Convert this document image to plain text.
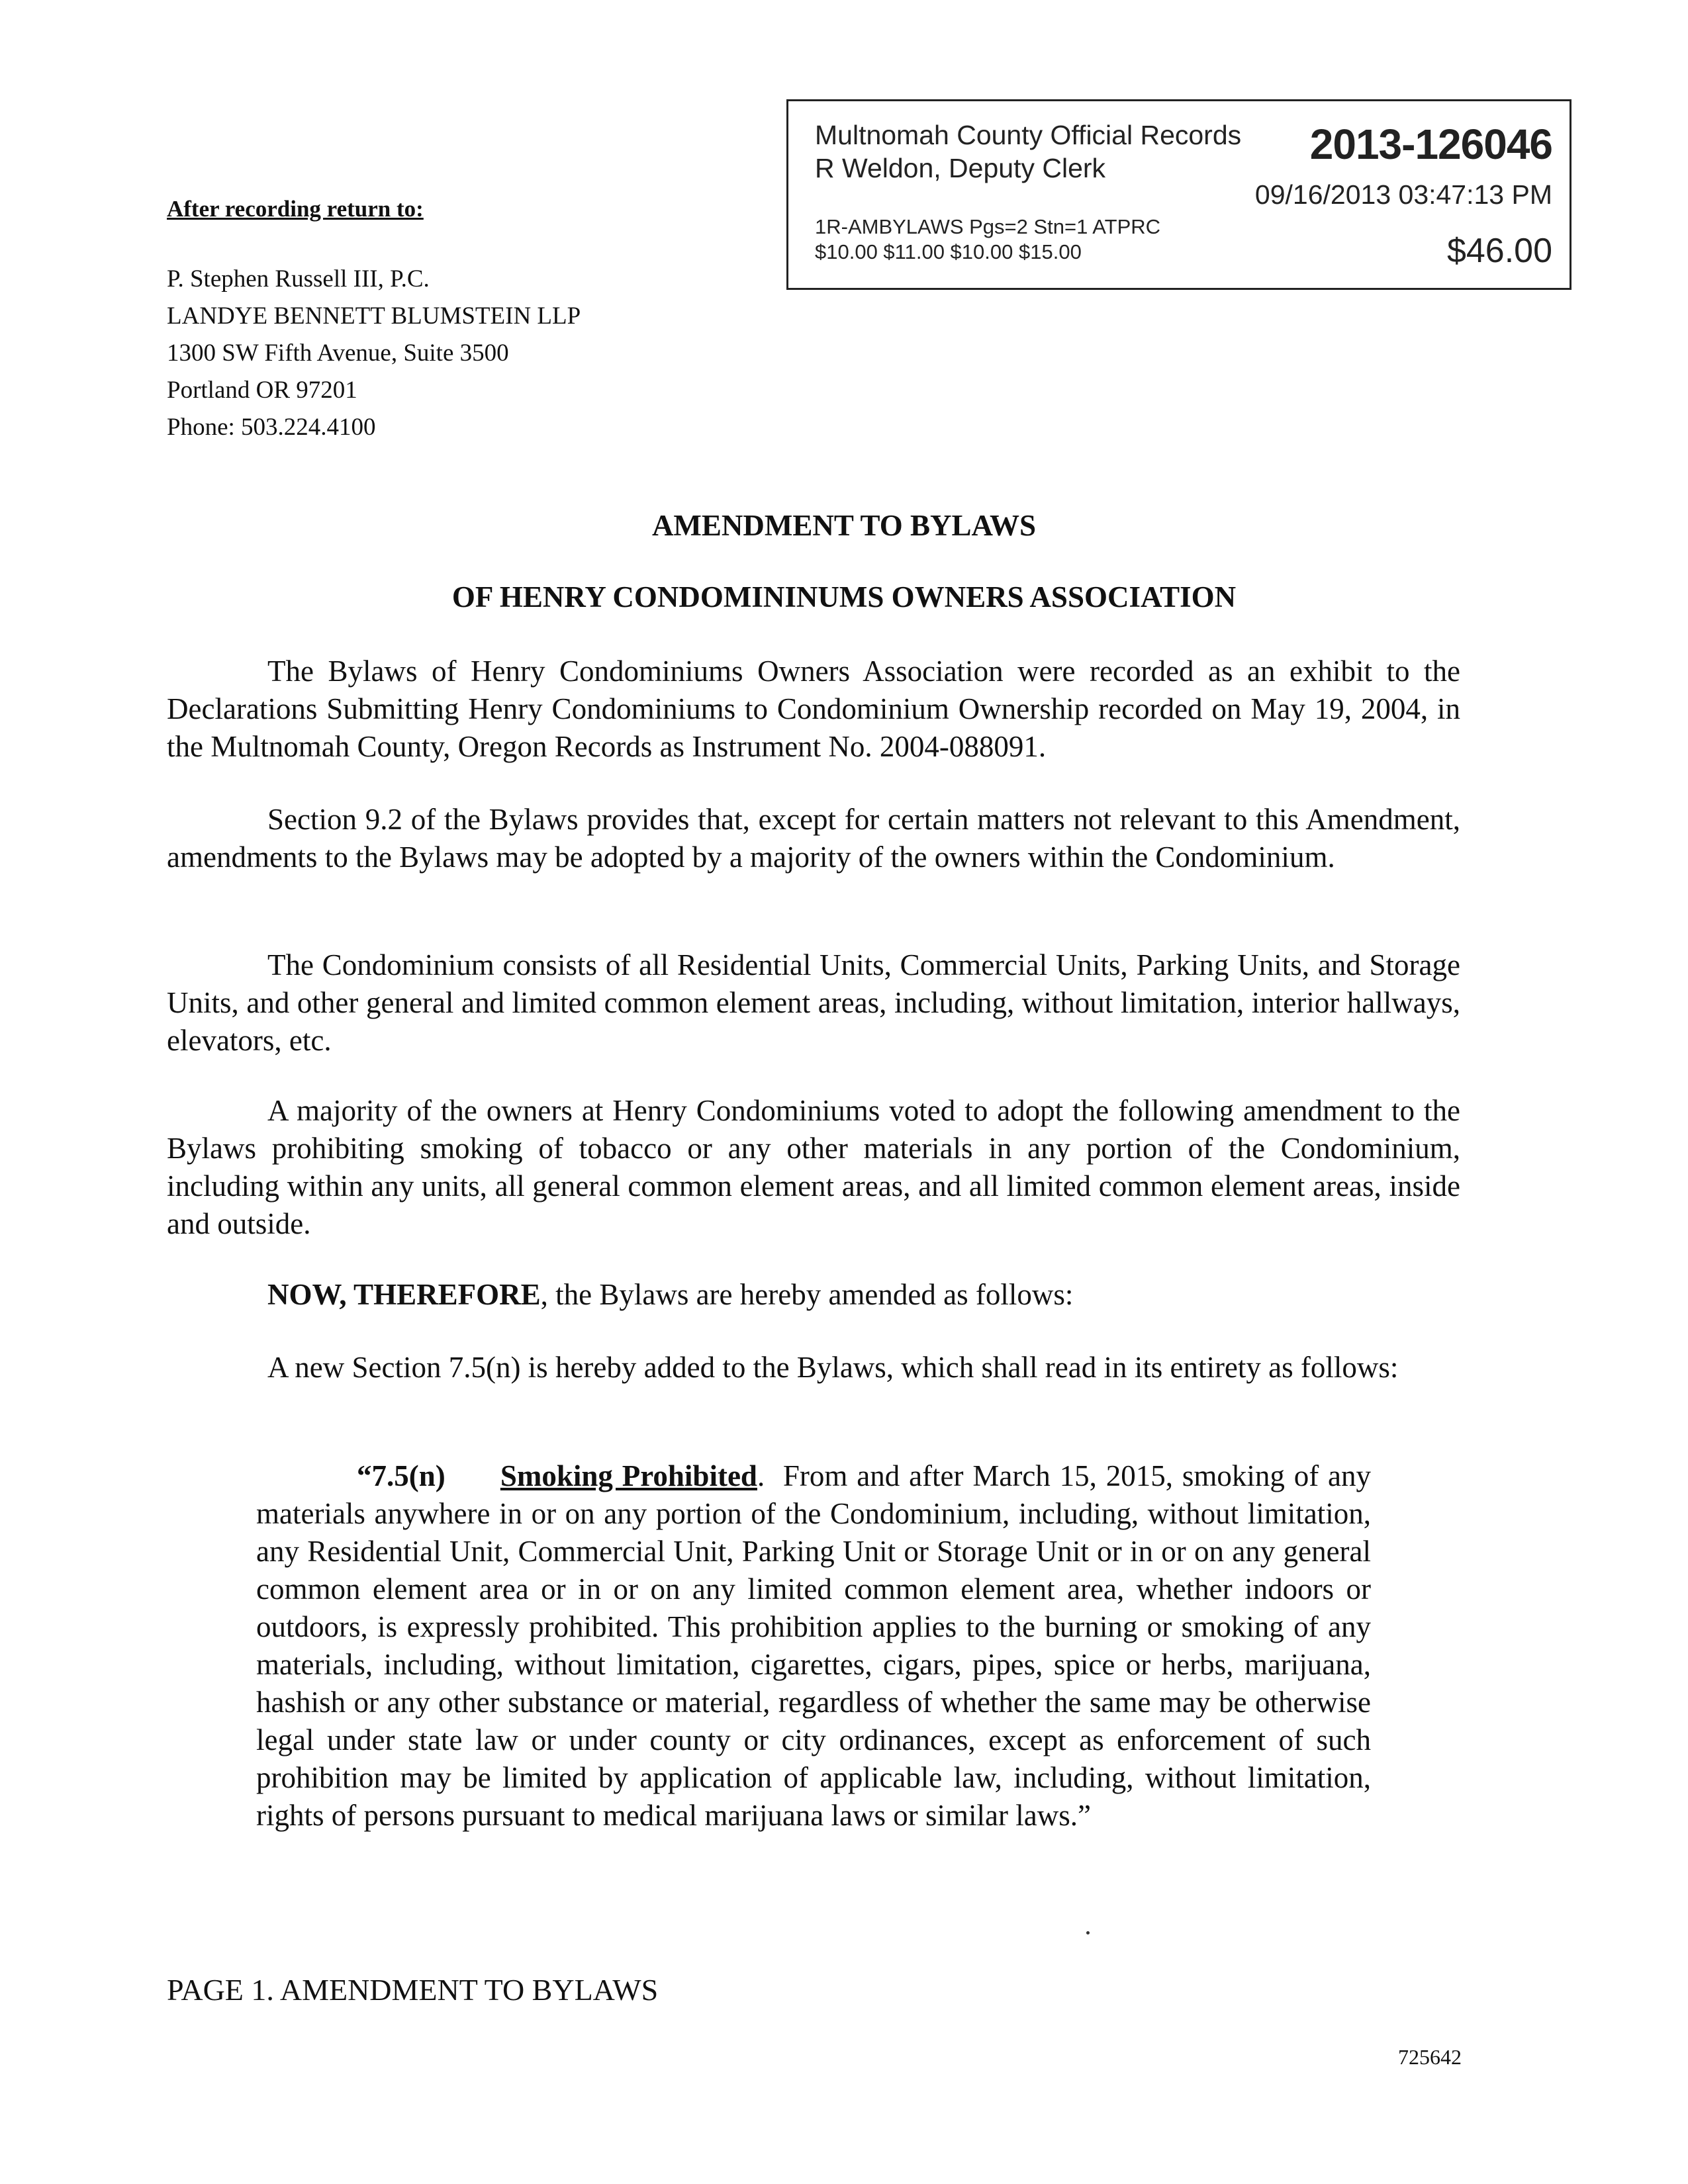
Multnomah County Official Records
R Weldon, Deputy Clerk	2013-126046
09/16/2013 03:47:13 PM
1R-AMBYLAWS Pgs=2 Stn=1 ATPRC
$10.00 $11.00 $10.00 $15.00	$46.00
After recording return to:
P. Stephen Russell III, P.C.
LANDYE BENNETT BLUMSTEIN LLP
1300 SW Fifth Avenue, Suite 3500
Portland OR 97201
Phone: 503.224.4100
AMENDMENT TO BYLAWS
OF HENRY CONDOMININUMS OWNERS ASSOCIATION
The Bylaws of Henry Condominiums Owners Association were recorded as an exhibit to the Declarations Submitting Henry Condominiums to Condominium Ownership recorded on May 19, 2004, in the Multnomah County, Oregon Records as Instrument No. 2004-088091.
Section 9.2 of the Bylaws provides that, except for certain matters not relevant to this Amendment, amendments to the Bylaws may be adopted by a majority of the owners within the Condominium.
The Condominium consists of all Residential Units, Commercial Units, Parking Units, and Storage Units, and other general and limited common element areas, including, without limitation, interior hallways, elevators, etc.
A majority of the owners at Henry Condominiums voted to adopt the following amendment to the Bylaws prohibiting smoking of tobacco or any other materials in any portion of the Condominium, including within any units, all general common element areas, and all limited common element areas, inside and outside.
NOW, THEREFORE, the Bylaws are hereby amended as follows:
A new Section 7.5(n) is hereby added to the Bylaws, which shall read in its entirety as follows:
“7.5(n) Smoking Prohibited. From and after March 15, 2015, smoking of any materials anywhere in or on any portion of the Condominium, including, without limitation, any Residential Unit, Commercial Unit, Parking Unit or Storage Unit or in or on any general common element area or in or on any limited common element area, whether indoors or outdoors, is expressly prohibited. This prohibition applies to the burning or smoking of any materials, including, without limitation, cigarettes, cigars, pipes, spice or herbs, marijuana, hashish or any other substance or material, regardless of whether the same may be otherwise legal under state law or under county or city ordinances, except as enforcement of such prohibition may be limited by application of applicable law, including, without limitation, rights of persons pursuant to medical marijuana laws or similar laws.”
PAGE 1. AMENDMENT TO BYLAWS
725642
